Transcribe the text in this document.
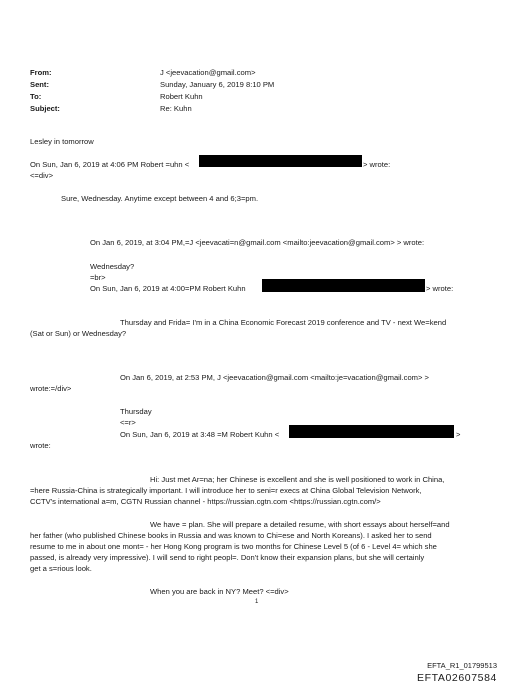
From:	J <jeevacation@gmail.com>
Sent:	Sunday, January 6, 2019 8:10 PM
To:	Robert Kuhn
Subject:	Re: Kuhn
Lesley in tomorrow
On Sun, Jan 6, 2019 at 4:06 PM Robert =uhn <	> wrote:
<=div>
Sure, Wednesday. Anytime except between 4 and 6;3=pm.
On Jan 6, 2019, at 3:04 PM,=J <jeevacati=n@gmail.com <mailto:jeevacation@gmail.com> > wrote:
Wednesday?
=br>
On Sun, Jan 6, 2019 at 4:00=PM Robert Kuhn	> wrote:
Thursday and Frida= I'm in a China Economic Forecast 2019 conference and TV - next We=kend
(Sat or Sun) or Wednesday?
On Jan 6, 2019, at 2:53 PM, J <jeevacation@gmail.com <mailto:je=vacation@gmail.com> >
wrote:=/div>
Thursday
<=r>
On Sun, Jan 6, 2019 at 3:48 =M Robert Kuhn <	>
wrote:
Hi: Just met Ar=na; her Chinese is excellent and she is well positioned to work in China,
=here Russia-China is strategically important. I will introduce her to seni=r execs at China Global Television Network,
CCTV's international a=m, CGTN Russian channel - https://russian.cgtn.com <https://russian.cgtn.com/>
We have = plan. She will prepare a detailed resume, with short essays about herself=and
her father (who published Chinese books in Russia and was known to Chi=ese and North Koreans). I asked her to send
resume to me in about one mont= - her Hong Kong program is two months for Chinese Level 5 (of 6 - Level 4= which she
passed, is already very impressive). I will send to right peopl=. Don't know their expansion plans, but she will certainly
get a s=rious look.
When you are back in NY? Meet? <=div>
1
EFTA_R1_01799513
EFTA02607584
